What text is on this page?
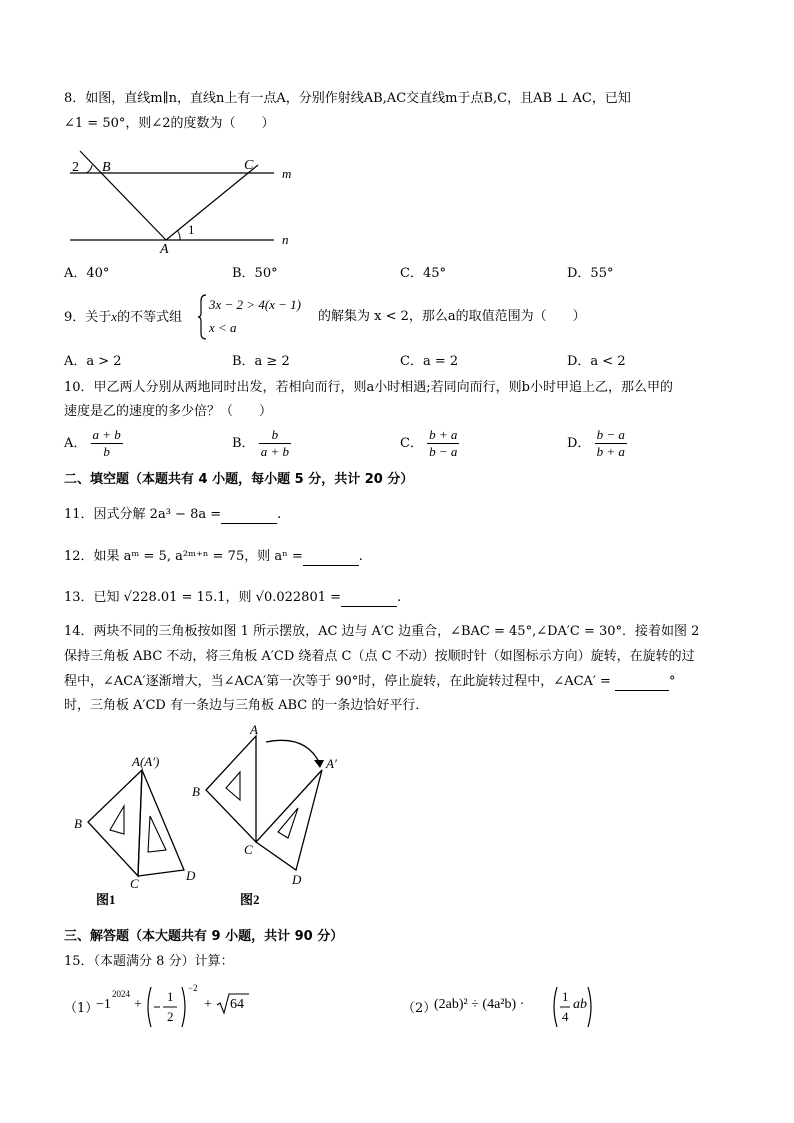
8．如图，直线m∥n，直线n上有一点A，分别作射线AB,AC交直线m于点B,C，且AB ⊥ AC，已知
∠1 = 50°，则∠2的度数为（　　）
2 B	C
m
A
1
n
A．40°	B．50°	C．45°	D．55°
9．关于x的不等式组
3x − 2 > 4(x − 1)
x < a
的解集为 x < 2，那么a的取值范围为（　　）
A．a > 2	B．a ≥ 2	C．a = 2	D．a < 2
10．甲乙两人分别从两地同时出发，若相向而行，则a小时相遇;若同向而行，则b小时甲追上乙，那么甲的
速度是乙的速度的多少倍？（　　）
A． $\frac{a + b}{b}$	B． $\frac{b}{a + b}$	C． $\frac{b + a}{b - a}$	D． $\frac{b - a}{b + a}$
二、填空题（本题共有 4 小题，每小题 5 分，共计 20 分）
11．因式分解 2a³ − 8a =	.
12．如果 aᵐ = 5, a²ᵐ⁺ⁿ = 75，则 aⁿ =	.
13．已知 √228.01 = 15.1，则 √0.022801 =	.
14．两块不同的三角板按如图 1 所示摆放，AC 边与 A′C 边重合，∠BAC = 45°,∠DA′C = 30°．接着如图 2
保持三角板 ABC 不动，将三角板 A′CD 绕着点 C（点 C 不动）按顺时针（如图标示方向）旋转，在旋转的过
程中，∠ACA′逐渐增大，当∠ACA′第一次等于 90°时，停止旋转，在此旋转过程中，∠ACA′ =	°
时，三角板 A′CD 有一条边与三角板 ABC 的一条边恰好平行．
A(A′)
B
C
D
图1
A
A′
B
C
D
图2
三、解答题（本大题共有 9 小题，共计 90 分）
15．（本题满分 8 分）计算：
（1）
−1
2024
+
1
2
−2
+ 64	（2）
(2ab)² ÷ (4a²b) ·
1
4
ab
